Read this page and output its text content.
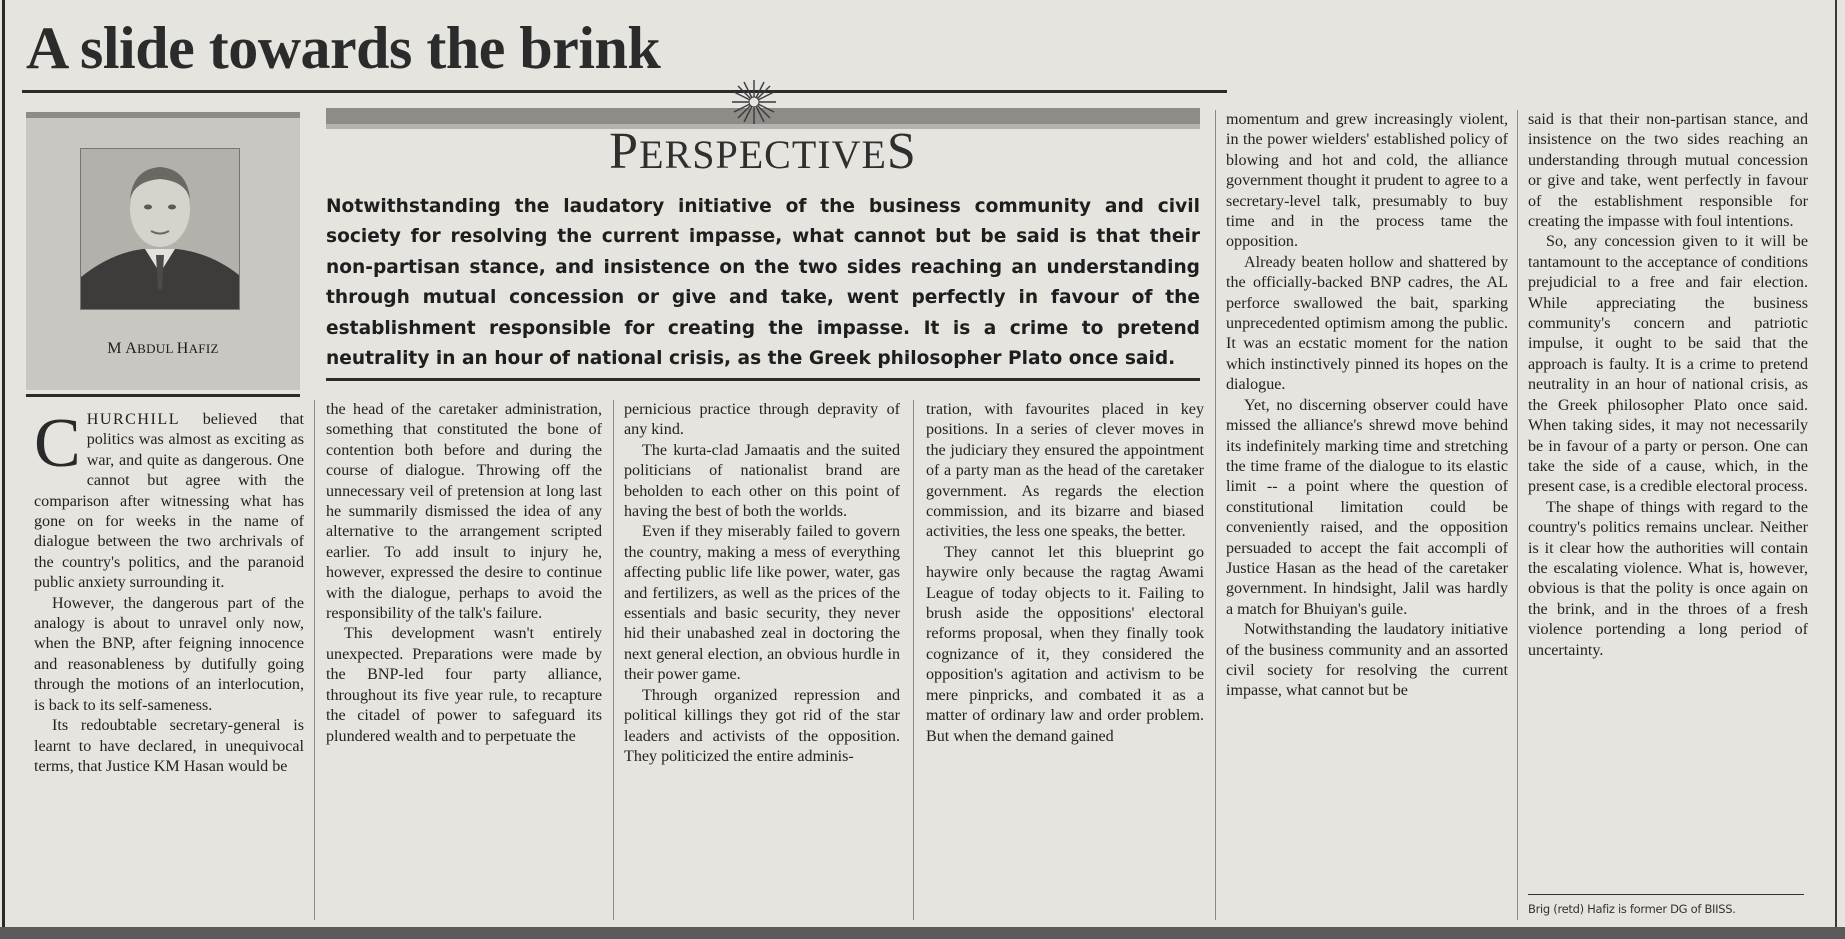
A slide towards the brink
M ABDUL HAFIZ
PERSPECTIVES
Notwithstanding the laudatory initiative of the business community and civil society for resolving the current impasse, what cannot but be said is that their non-partisan stance, and insistence on the two sides reaching an understanding through mutual concession or give and take, went perfectly in favour of the establishment responsible for creating the impasse. It is a crime to pretend neutrality in an hour of national crisis, as the Greek philosopher Plato once said.

CHURCHILL believed that politics was almost as exciting as war, and quite as dangerous. One cannot but agree with the comparison after witnessing what has gone on for weeks in the name of dialogue between the two archrivals of the country's politics, and the paranoid public anxiety surrounding it.

However, the dangerous part of the analogy is about to unravel only now, when the BNP, after feigning innocence and reasonableness by dutifully going through the motions of an interlocution, is back to its self-sameness.

Its redoubtable secretary-general is learnt to have declared, in unequivocal terms, that Justice KM Hasan would be

the head of the caretaker administration, something that constituted the bone of contention both before and during the course of dialogue. Throwing off the unnecessary veil of pretension at long last he summarily dismissed the idea of any alternative to the arrangement scripted earlier. To add insult to injury he, however, expressed the desire to continue with the dialogue, perhaps to avoid the responsibility of the talk's failure.

This development wasn't entirely unexpected. Preparations were made by the BNP-led four party alliance, throughout its five year rule, to recapture the citadel of power to safeguard its plundered wealth and to perpetuate the

pernicious practice through depravity of any kind.

The kurta-clad Jamaatis and the suited politicians of nationalist brand are beholden to each other on this point of having the best of both the worlds.

Even if they miserably failed to govern the country, making a mess of everything affecting public life like power, water, gas and fertilizers, as well as the prices of the essentials and basic security, they never hid their unabashed zeal in doctoring the next general election, an obvious hurdle in their power game.

Through organized repression and political killings they got rid of the star leaders and activists of the opposition. They politicized the entire adminis-

tration, with favourites placed in key positions. In a series of clever moves in the judiciary they ensured the appointment of a party man as the head of the caretaker government. As regards the election commission, and its bizarre and biased activities, the less one speaks, the better.

They cannot let this blueprint go haywire only because the ragtag Awami League of today objects to it. Failing to brush aside the oppositions' electoral reforms proposal, when they finally took cognizance of it, they considered the opposition's agitation and activism to be mere pinpricks, and combated it as a matter of ordinary law and order problem. But when the demand gained

momentum and grew increasingly violent, in the power wielders' established policy of blowing and hot and cold, the alliance government thought it prudent to agree to a secretary-level talk, presumably to buy time and in the process tame the opposition.

Already beaten hollow and shattered by the officially-backed BNP cadres, the AL perforce swallowed the bait, sparking unprecedented optimism among the public. It was an ecstatic moment for the nation which instinctively pinned its hopes on the dialogue.

Yet, no discerning observer could have missed the alliance's shrewd move behind its indefinitely marking time and stretching the time frame of the dialogue to its elastic limit -- a point where the question of constitutional limitation could be conveniently raised, and the opposition persuaded to accept the fait accompli of Justice Hasan as the head of the caretaker government. In hindsight, Jalil was hardly a match for Bhuiyan's guile.

Notwithstanding the laudatory initiative of the business community and an assorted civil society for resolving the current impasse, what cannot but be

said is that their non-partisan stance, and insistence on the two sides reaching an understanding through mutual concession or give and take, went perfectly in favour of the establishment responsible for creating the impasse with foul intentions.

So, any concession given to it will be tantamount to the acceptance of conditions prejudicial to a free and fair election. While appreciating the business community's concern and patriotic impulse, it ought to be said that the approach is faulty. It is a crime to pretend neutrality in an hour of national crisis, as the Greek philosopher Plato once said. When taking sides, it may not necessarily be in favour of a party or person. One can take the side of a cause, which, in the present case, is a credible electoral process.

The shape of things with regard to the country's politics remains unclear. Neither is it clear how the authorities will contain the escalating violence. What is, however, obvious is that the polity is once again on the brink, and in the throes of a fresh violence portending a long period of uncertainty.

Brig (retd) Hafiz is former DG of BIISS.
